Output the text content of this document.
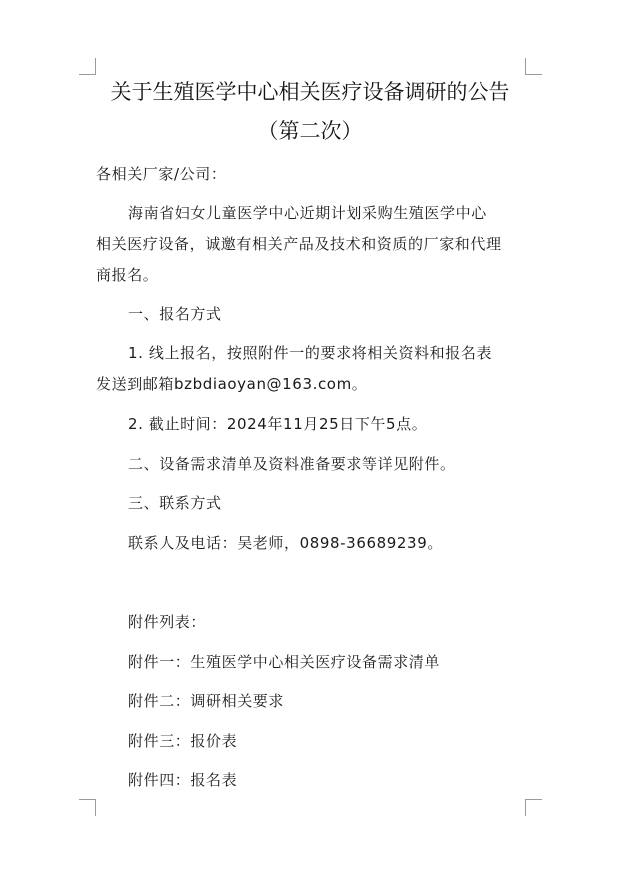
关于生殖医学中心相关医疗设备调研的公告
（第二次）
各相关厂家/公司：
海南省妇女儿童医学中心近期计划采购生殖医学中心
相关医疗设备，诚邀有相关产品及技术和资质的厂家和代理
商报名。
一、报名方式
1. 线上报名，按照附件一的要求将相关资料和报名表
发送到邮箱bzbdiaoyan@163.com。
2. 截止时间：2024年11月25日下午5点。
二、设备需求清单及资料准备要求等详见附件。
三、联系方式
联系人及电话：吴老师，0898-36689239。
附件列表：
附件一：生殖医学中心相关医疗设备需求清单
附件二：调研相关要求
附件三：报价表
附件四：报名表
